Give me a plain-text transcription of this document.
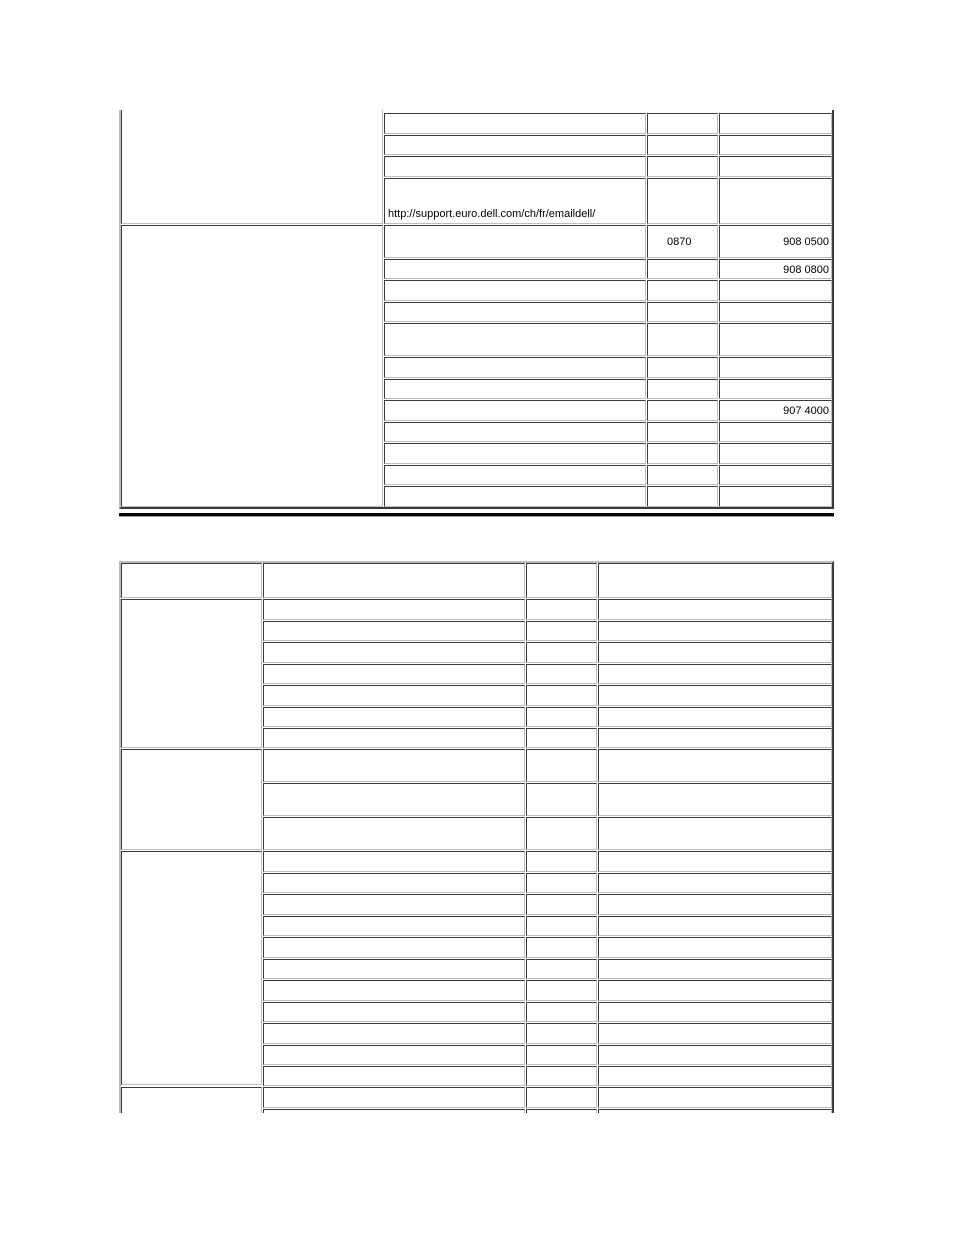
http://support.euro.dell.com/ch/fr/emaildell/
0870	908 0500
908 0800
907 4000
